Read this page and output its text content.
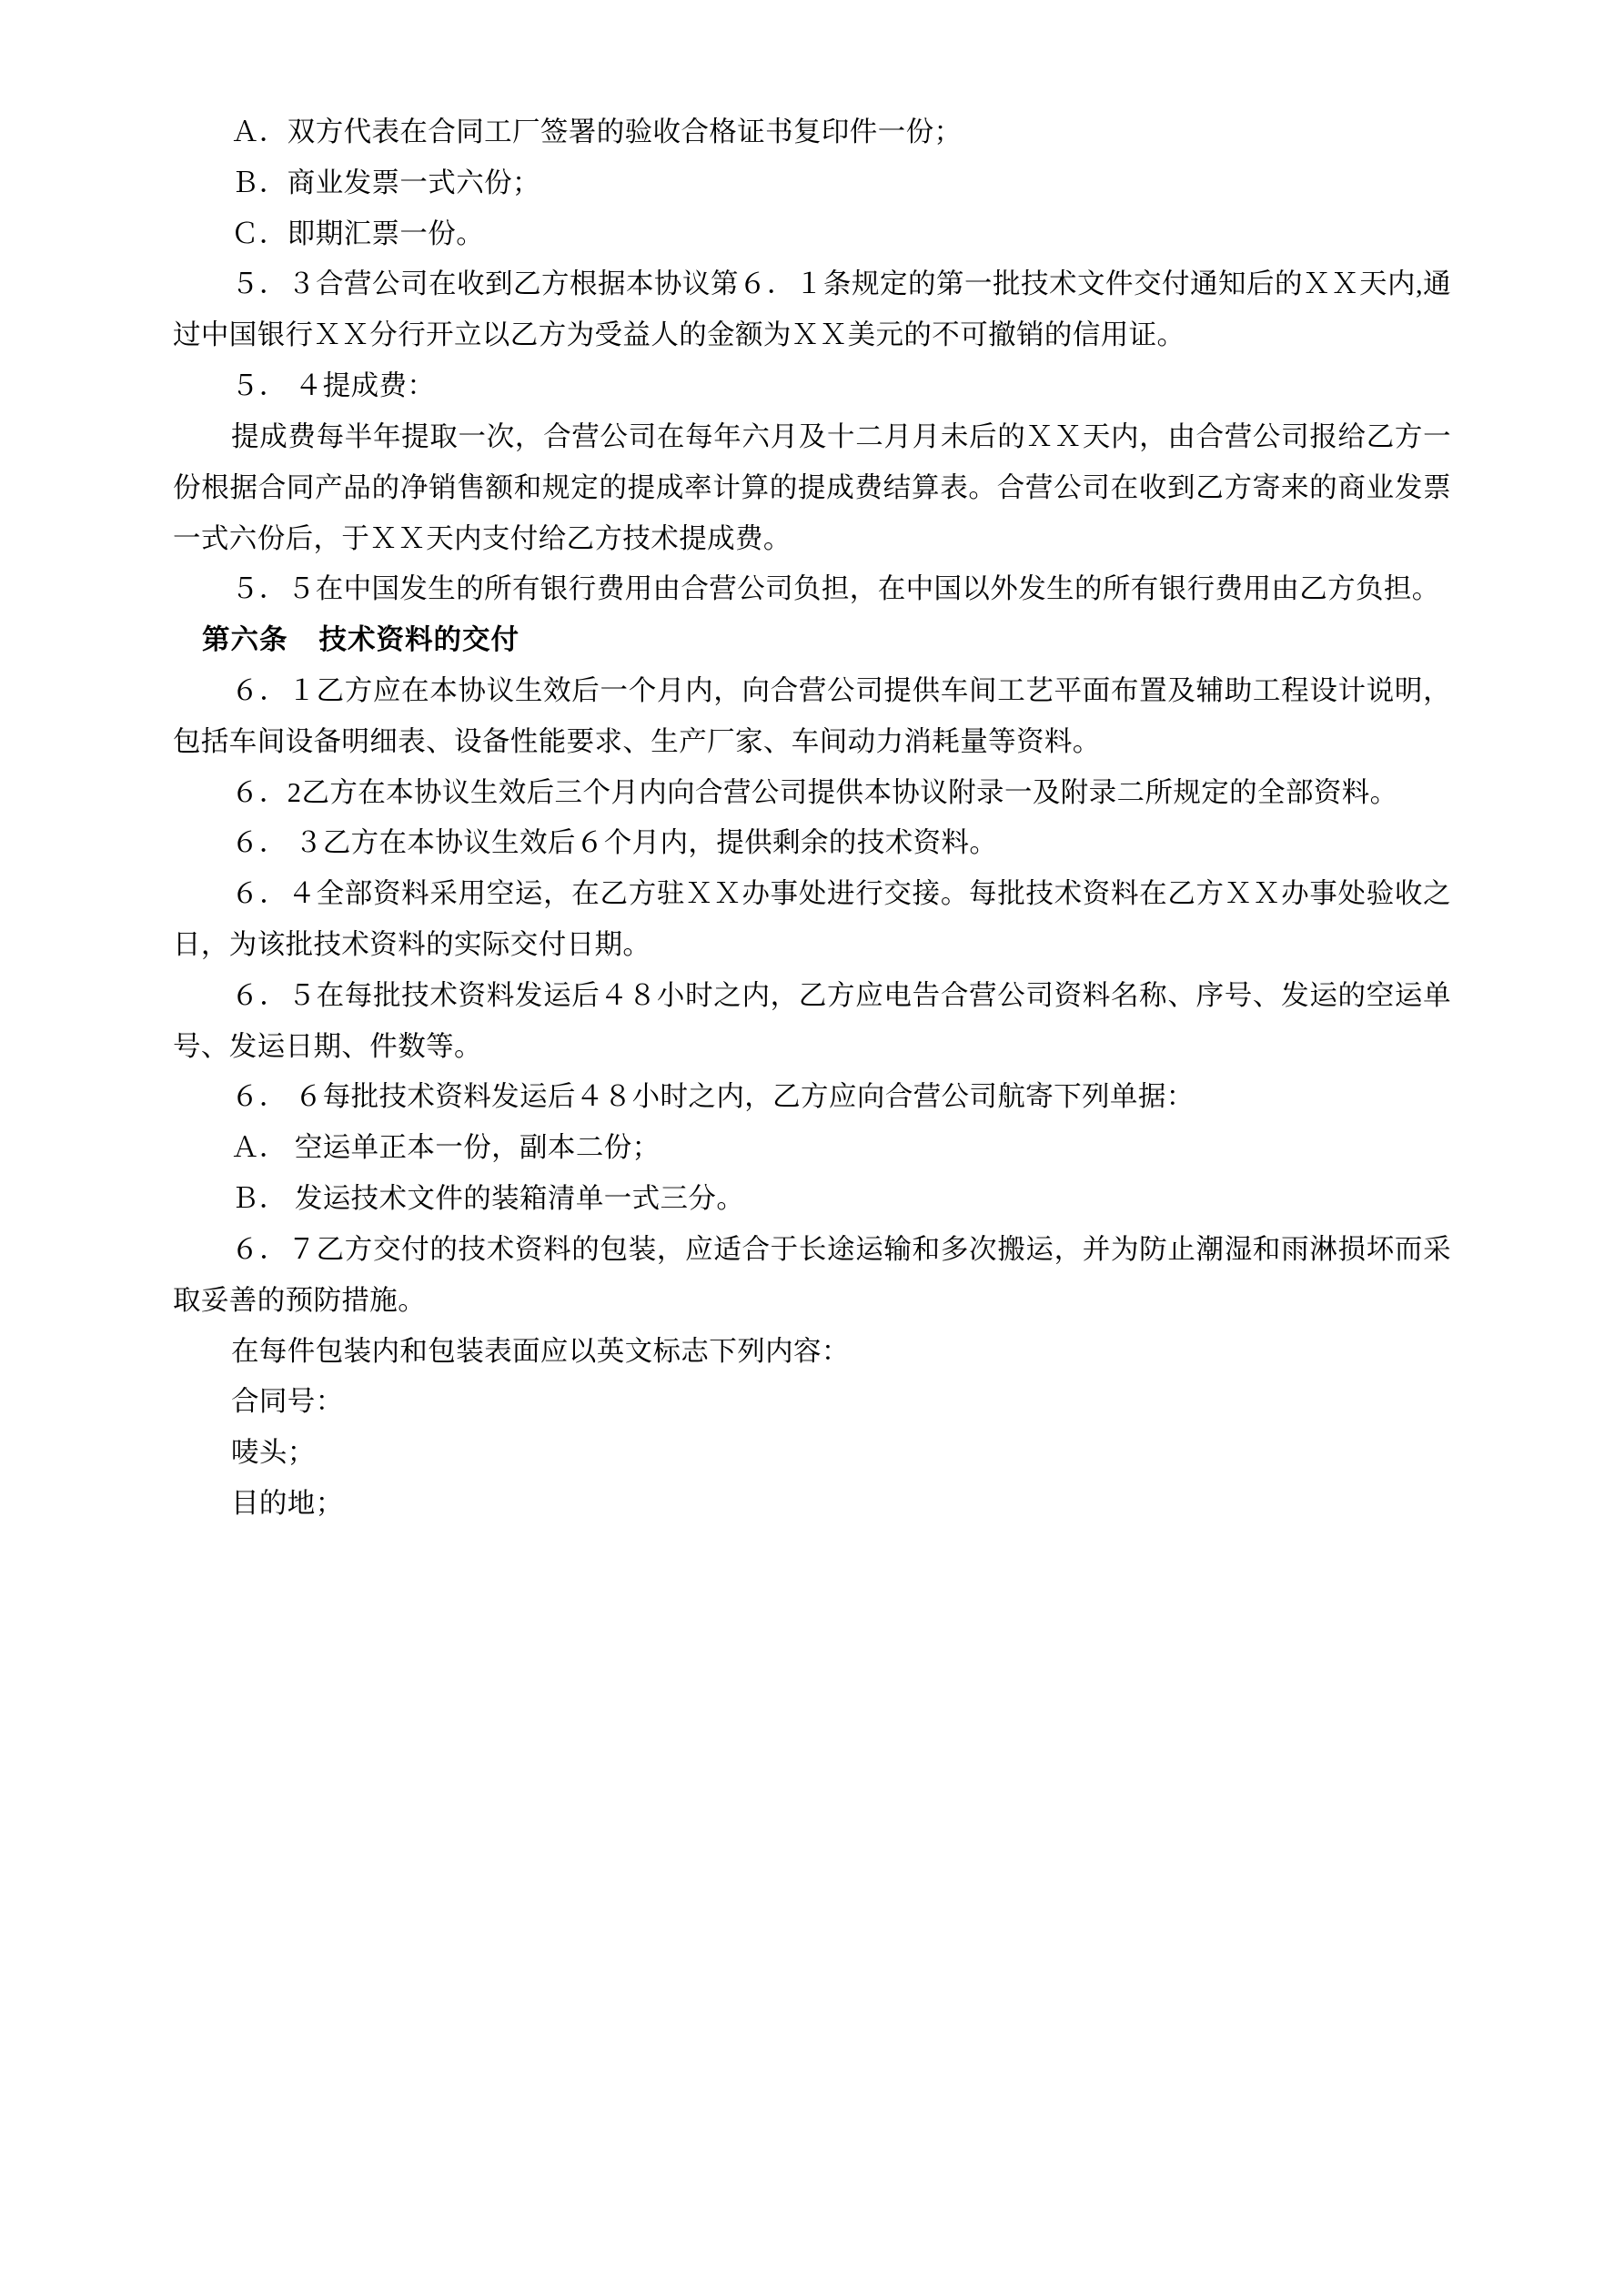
Ａ．双方代表在合同工厂签署的验收合格证书复印件一份；

Ｂ．商业发票一式六份；

Ｃ．即期汇票一份。

５．３合营公司在收到乙方根据本协议第６．１条规定的第一批技术文件交付通知后的ＸＸ天内,通过中国银行ＸＸ分行开立以乙方为受益人的金额为ＸＸ美元的不可撤销的信用证。

５． ４提成费：

提成费每半年提取一次，合营公司在每年六月及十二月月未后的ＸＸ天内，由合营公司报给乙方一份根据合同产品的净销售额和规定的提成率计算的提成费结算表。合营公司在收到乙方寄来的商业发票一式六份后，于ＸＸ天内支付给乙方技术提成费。

５．５在中国发生的所有银行费用由合营公司负担，在中国以外发生的所有银行费用由乙方负担。

第六条 技术资料的交付

６．１乙方应在本协议生效后一个月内，向合营公司提供车间工艺平面布置及辅助工程设计说明，包括车间设备明细表、设备性能要求、生产厂家、车间动力消耗量等资料。

６．2乙方在本协议生效后三个月内向合营公司提供本协议附录一及附录二所规定的全部资料。

６． ３乙方在本协议生效后６个月内，提供剩余的技术资料。

６．４全部资料采用空运，在乙方驻ＸＸ办事处进行交接。每批技术资料在乙方ＸＸ办事处验收之日，为该批技术资料的实际交付日期。

６．５在每批技术资料发运后４８小时之内，乙方应电告合营公司资料名称、序号、发运的空运单号、发运日期、件数等。

６． ６每批技术资料发运后４８小时之内，乙方应向合营公司航寄下列单据：

Ａ． 空运单正本一份，副本二份；

Ｂ． 发运技术文件的装箱清单一式三分。

６．７乙方交付的技术资料的包装，应适合于长途运输和多次搬运，并为防止潮湿和雨淋损坏而采取妥善的预防措施。

在每件包装内和包装表面应以英文标志下列内容：

合同号：

唛头；

目的地；
